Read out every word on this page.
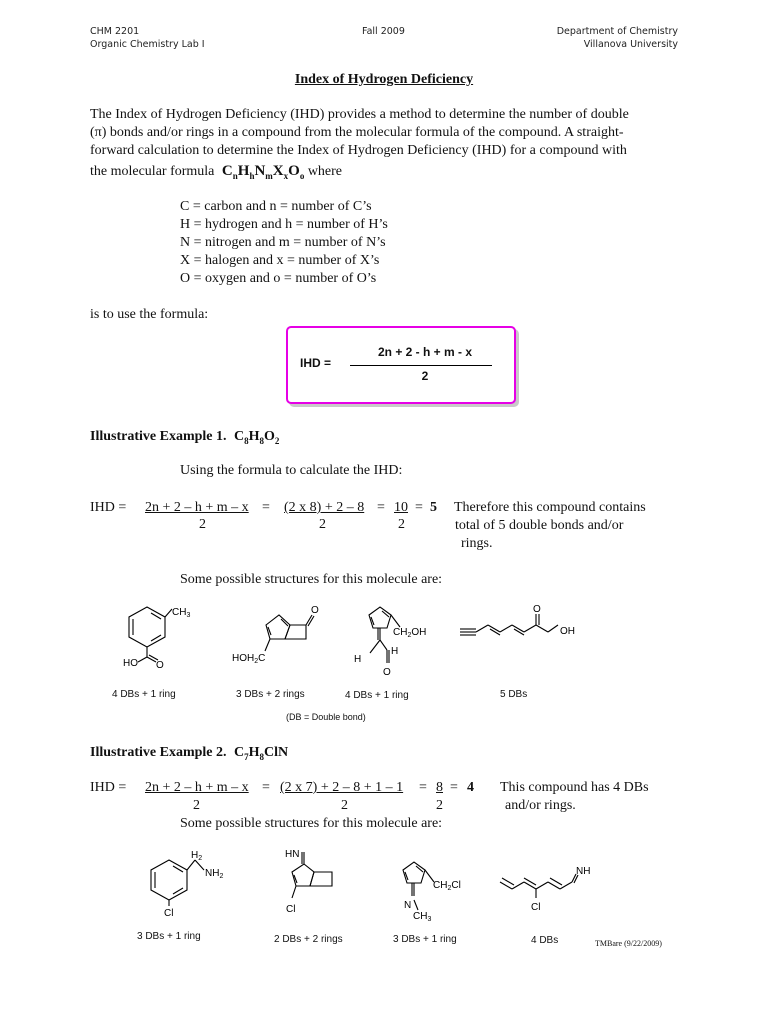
CHM 2201
Organic Chemistry Lab I
Fall 2009	Department of Chemistry
Villanova University
Index of Hydrogen Deficiency
The Index of Hydrogen Deficiency (IHD) provides a method to determine the number of double
(π) bonds and/or rings in a compound from the molecular formula of the compound. A straight-
forward calculation to determine the Index of Hydrogen Deficiency (IHD) for a compound with
the molecular formula $C_nH_hN_mX_xO_o$ where
C = carbon and n = number of C’s
H = hydrogen and h = number of H’s
N = nitrogen and m = number of N’s
X = halogen and x = number of X’s
O = oxygen and o = number of O’s
is to use the formula:
IHD =
2n + 2 - h + m - x
2
Illustrative Example 1. $C_8H_8O_2$
Using the formula to calculate the IHD:
IHD = 2n + 2 – h + m – x
2
= (2 x 8) + 2 – 8
2
= 10
2
= 5 Therefore this compound contains
total of 5 double bonds and/or
rings.
Some possible structures for this molecule are:
$CH_3$
HO O
O
$HOH_2C$
$CH_2OH$
H
H
O
O
OH
4 DBs + 1 ring	3 DBs + 2 rings	4 DBs + 1 ring	5 DBs
(DB = Double bond)
Illustrative Example 2. $C_7H_8ClN$
IHD = 2n + 2 – h + m – x
2
= (2 x 7) + 2 – 8 + 1 – 1
2
= 8
2
= 4 This compound has 4 DBs
and/or rings.
Some possible structures for this molecule are:
$H_2$
$NH_2$
Cl
HN
Cl
$CH_2Cl$
N
$CH_3$
NH
Cl
3 DBs + 1 ring	2 DBs + 2 rings	3 DBs + 1 ring	4 DBs	TMBare (9/22/2009)
